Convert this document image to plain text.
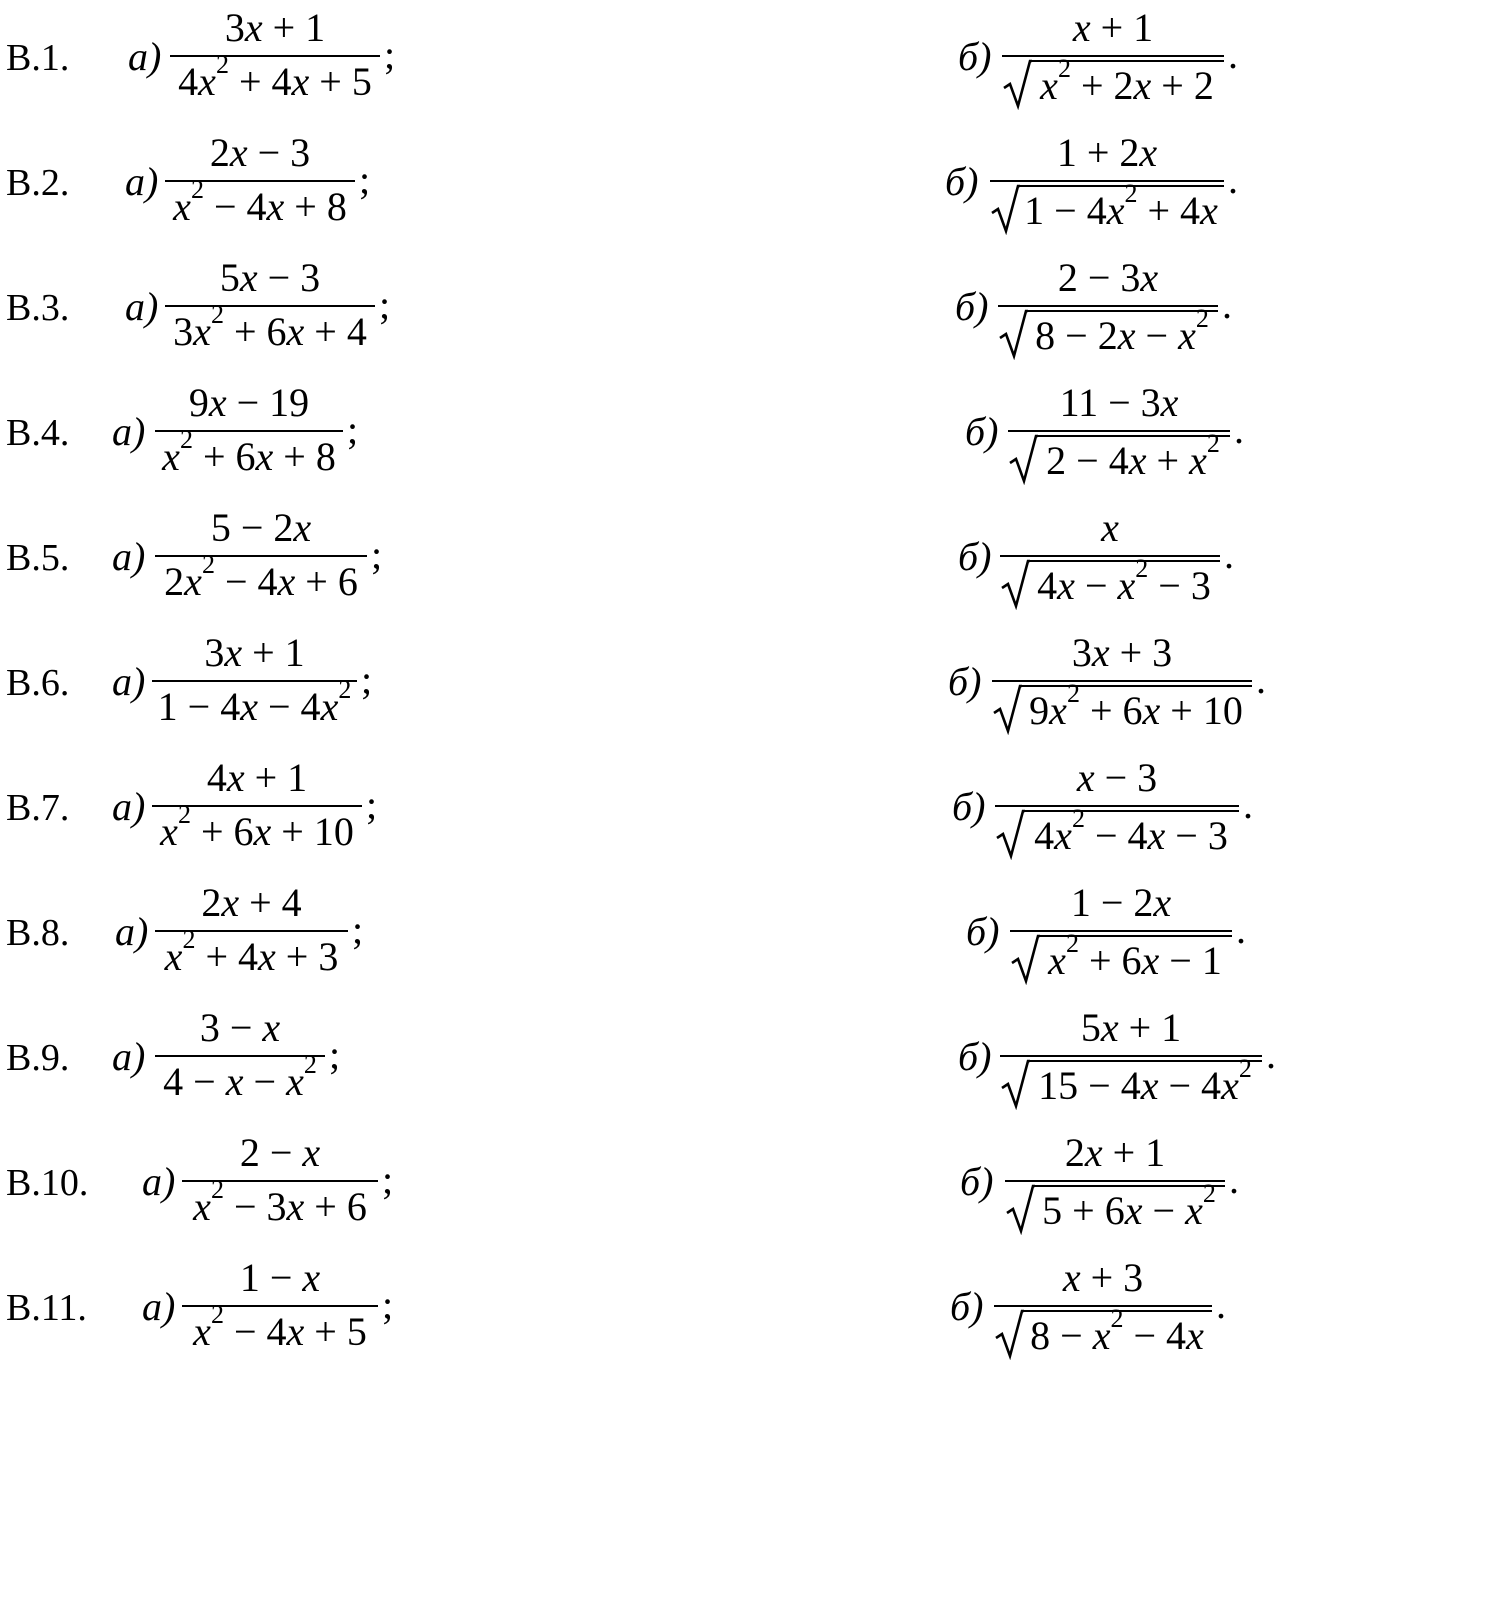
В.1. а)
3x + 1
$4x^2 + 4x + 5$
;	б)
x + 1
$x^2 + 2x + 2$
.
В.2. а)
2x − 3
$x^2 - 4x + 8$
;	б)
1 + 2x
$1 - 4x^2 + 4x$
.
В.3. а)
5x − 3
$3x^2 + 6x + 4$
;	б)
2 − 3x
$8 - 2x - x^2$ .
В.4. а)
9x − 19
$x^2 + 6x + 8$
;	б)
11 − 3x
$2 - 4x + x^2$ .
В.5. а)
5 − 2x
$2x^2 - 4x + 6$
;	б)
x
$4x - x^2 - 3$
.
В.6. а)
3x + 1
$1 - 4x - 4x^2$ ;	б)
3x + 3
$9x^2 + 6x + 10$
.
В.7. а)
4x + 1
$x^2 + 6x + 10$
;	б)
x − 3
$4x^2 - 4x - 3$
.
В.8. а)
2x + 4
$x^2 + 4x + 3$
;	б)
1 − 2x
$x^2 + 6x - 1$
.
В.9. а)
3 − x
$4 - x - x^2$ ;	б)
5x + 1
$15 - 4x - 4x^2$ .
В.10. а)
2 − x
$x^2 - 3x + 6$
;	б)
2x + 1
$5 + 6x - x^2$ .
В.11. а)
1 − x
$x^2 - 4x + 5$
;	б)
x + 3
$8 - x^2 - 4x$
.
